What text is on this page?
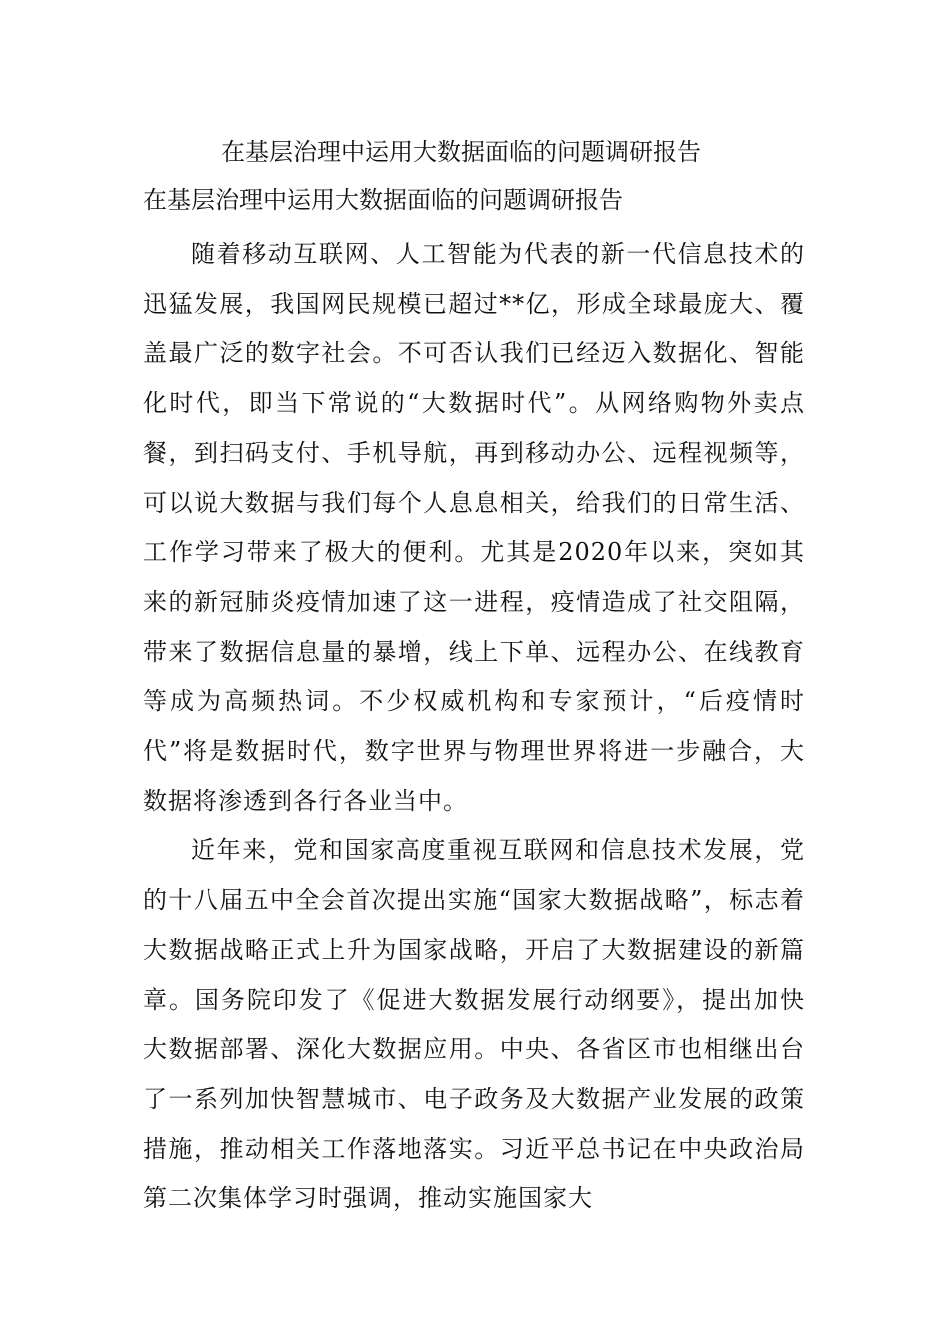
在基层治理中运用大数据面临的问题调研报告
在基层治理中运用大数据面临的问题调研报告

随着移动互联网、人工智能为代表的新一代信息技术的迅猛发展，我国网民规模已超过**亿，形成全球最庞大、覆盖最广泛的数字社会。不可否认我们已经迈入数据化、智能化时代，即当下常说的“大数据时代”。从网络购物外卖点餐，到扫码支付、手机导航，再到移动办公、远程视频等，可以说大数据与我们每个人息息相关，给我们的日常生活、工作学习带来了极大的便利。尤其是2020年以来，突如其来的新冠肺炎疫情加速了这一进程，疫情造成了社交阻隔，带来了数据信息量的暴增，线上下单、远程办公、在线教育等成为高频热词。不少权威机构和专家预计，“后疫情时代”将是数据时代，数字世界与物理世界将进一步融合，大数据将渗透到各行各业当中。

近年来，党和国家高度重视互联网和信息技术发展，党的十八届五中全会首次提出实施“国家大数据战略”，标志着大数据战略正式上升为国家战略，开启了大数据建设的新篇章。国务院印发了《促进大数据发展行动纲要》，提出加快大数据部署、深化大数据应用。中央、各省区市也相继出台了一系列加快智慧城市、电子政务及大数据产业发展的政策措施，推动相关工作落地落实。习近平总书记在中央政治局第二次集体学习时强调，推动实施国家大
